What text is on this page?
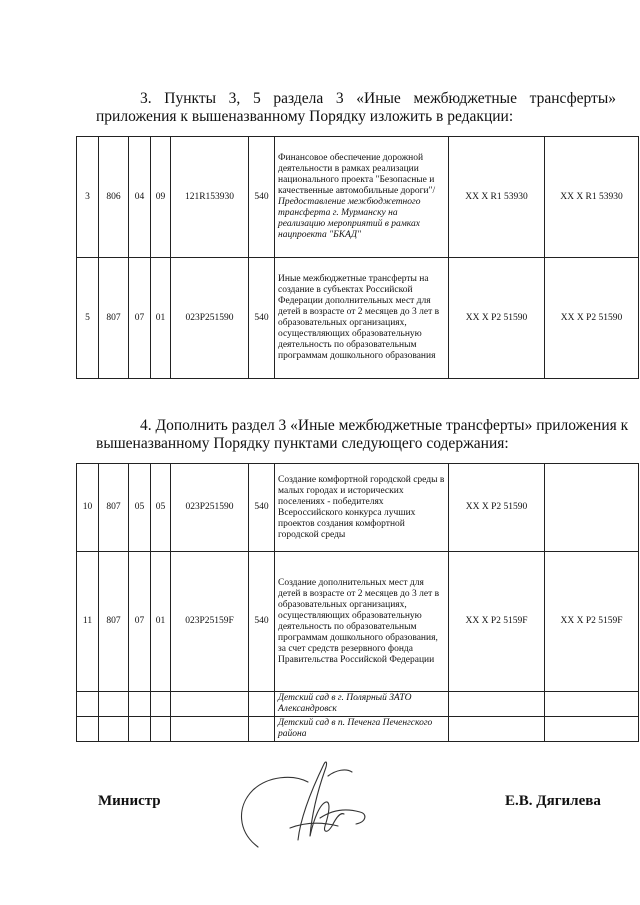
3. Пункты 3, 5 раздела 3 «Иные межбюджетные трансферты»
приложения к вышеназванному Порядку изложить в редакции:
3	806	04	09	121R153930	540	Финансовое обеспечение дорожной деятельности в рамках реализации национального проекта "Безопасные и качественные автомобильные дороги"/Предоставление межбюджетного трансферта г. Мурманску на реализацию мероприятий в рамках нацпроекта "БКАД"	ХХ Х R1 53930	ХХ Х R1 53930
5	807	07	01	023P251590	540	Иные межбюджетные трансферты на создание в субъектах Российской Федерации дополнительных мест для детей в возрасте от 2 месяцев до 3 лет в образовательных организациях, осуществляющих образовательную деятельность по образовательным программам дошкольного образования	ХХ Х Р2 51590	ХХ Х Р2 51590
4. Дополнить раздел 3 «Иные межбюджетные трансферты» приложения к
вышеназванному Порядку пунктами следующего содержания:
10	807	05	05	023P251590	540	Создание комфортной городской среды в малых городах и исторических поселениях - победителях Всероссийского конкурса лучших проектов создания комфортной городской среды	ХХ Х Р2 51590	
11	807	07	01	023P25159F	540	Создание дополнительных мест для детей в возрасте от 2 месяцев до 3 лет в образовательных организациях, осуществляющих образовательную деятельность по образовательным программам дошкольного образования, за счет средств резервного фонда Правительства Российской Федерации	ХХ Х Р2 5159F	ХХ Х Р2 5159F
						Детский сад в г. Полярный ЗАТО Александровск		
						Детский сад в п. Печенга Печенгского района		
Министр	Е.В. Дягилева
